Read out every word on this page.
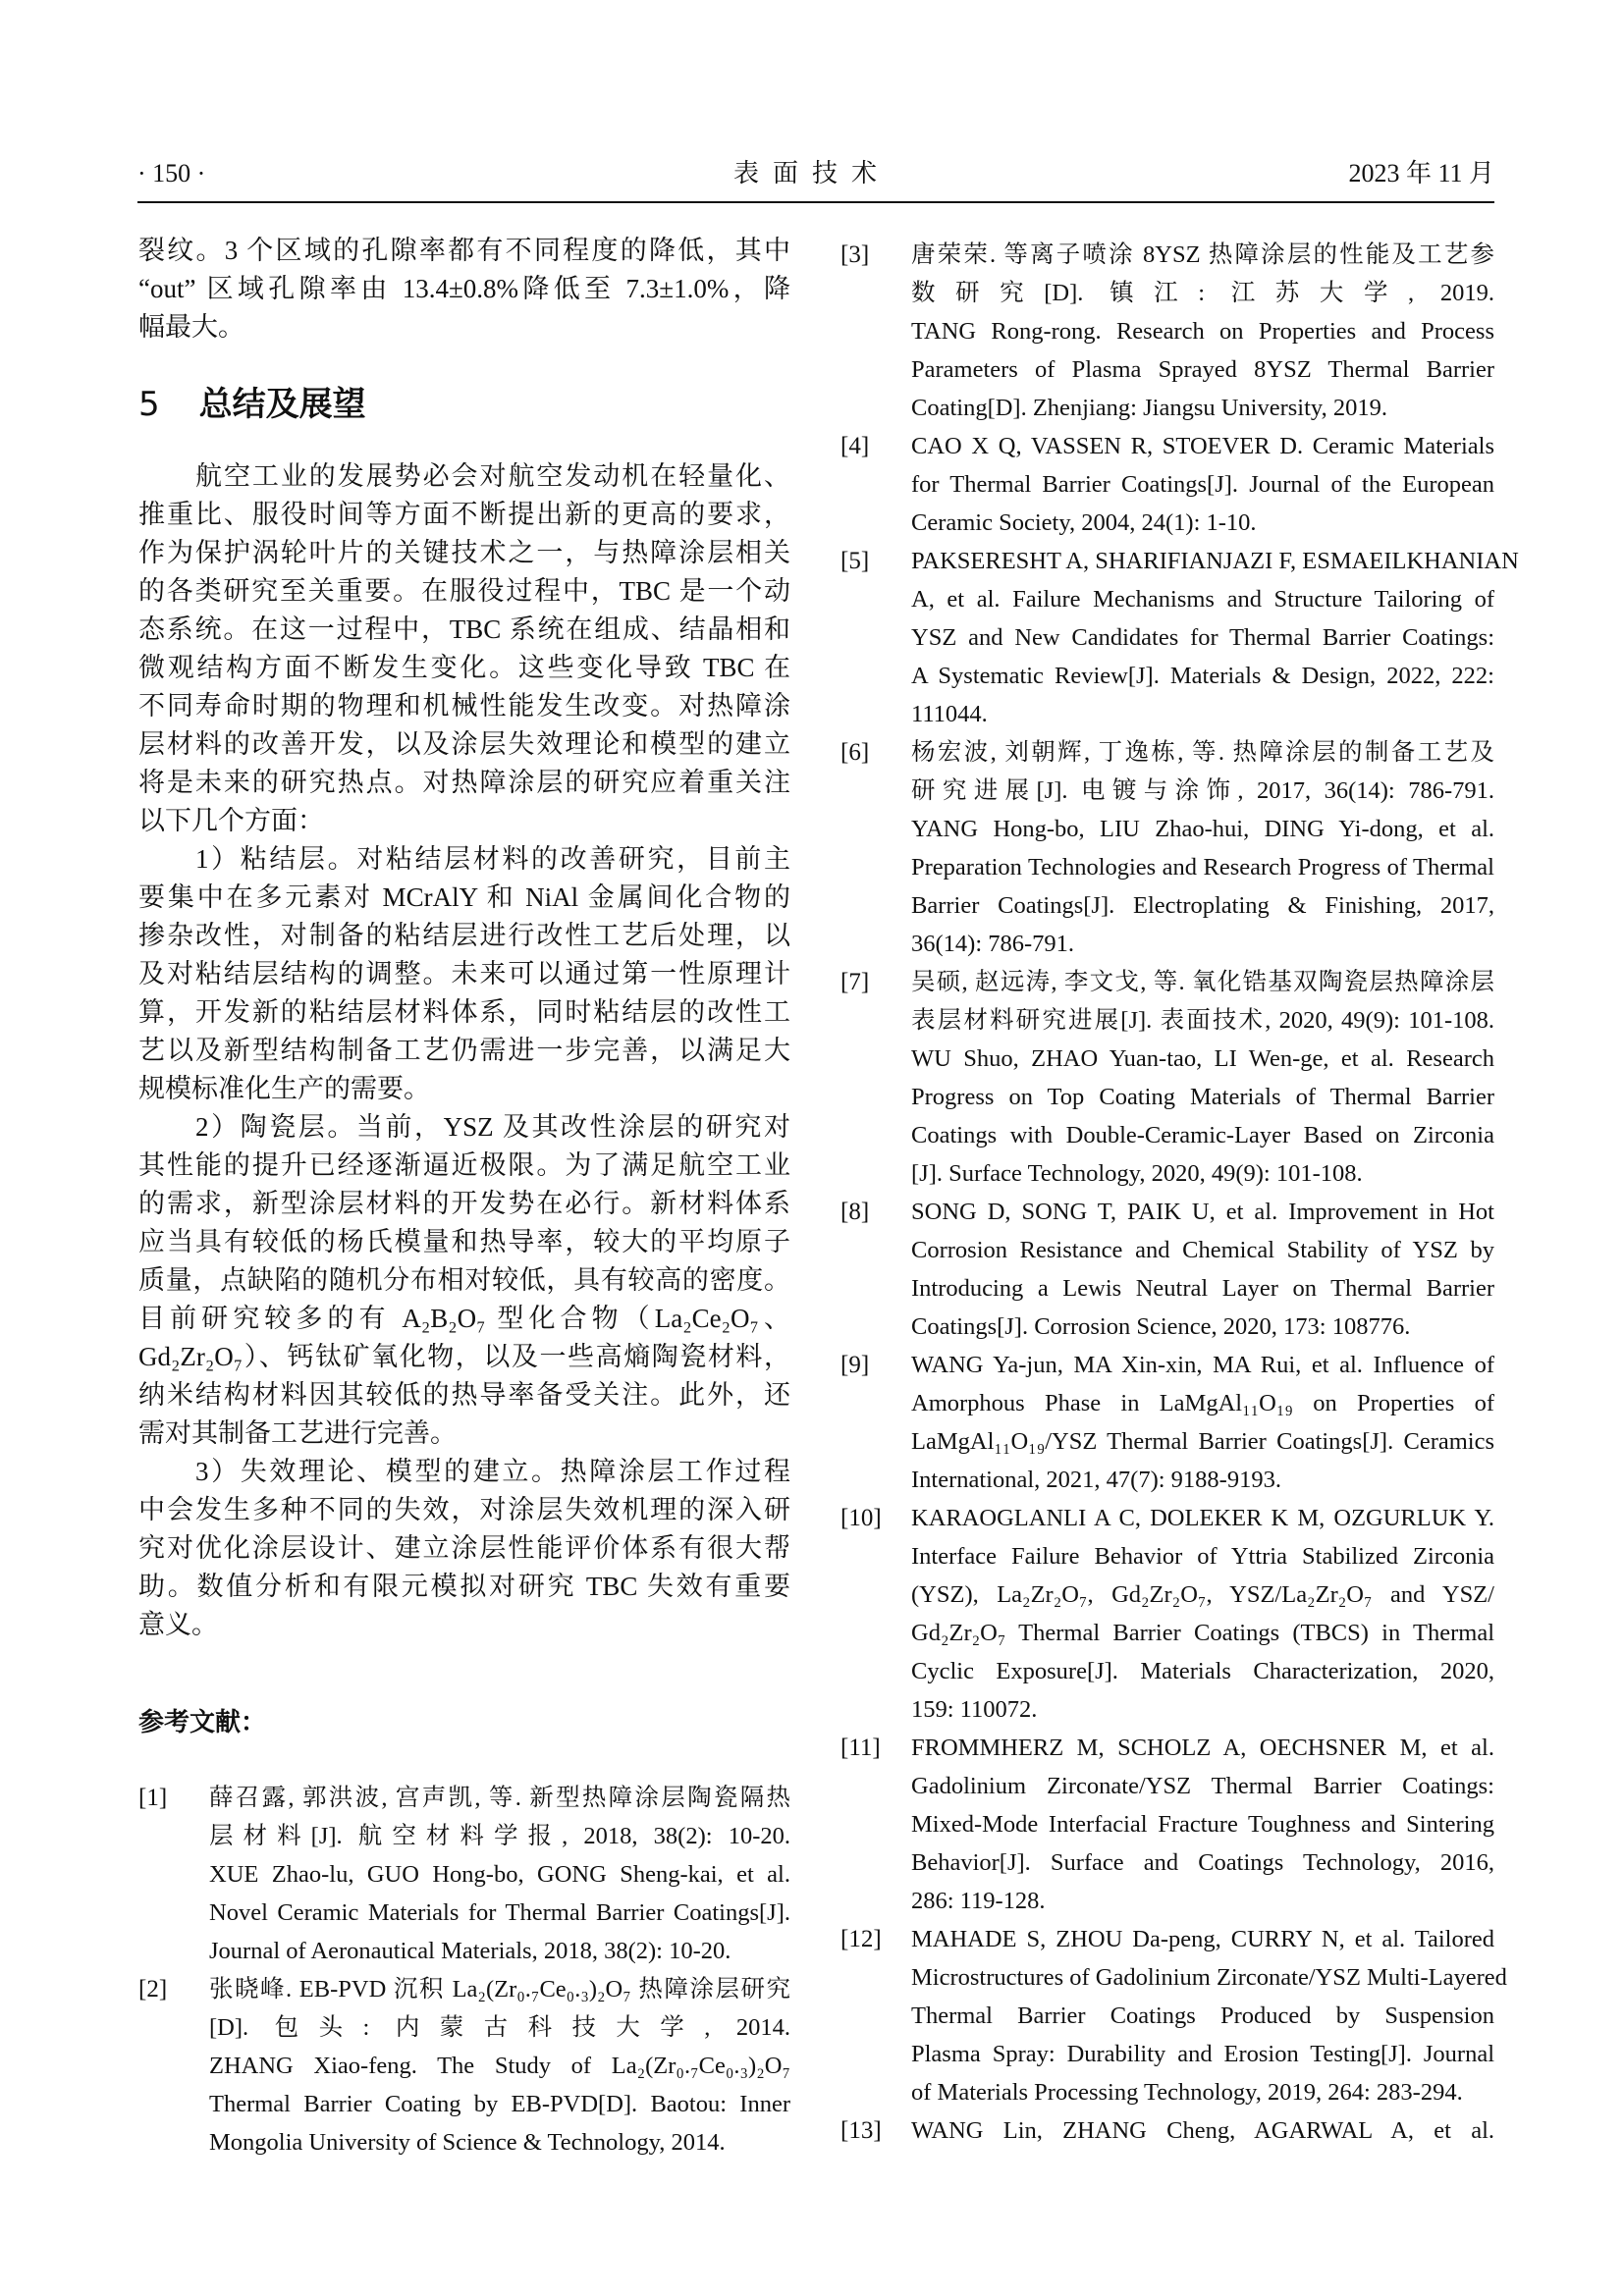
· 150 ·	表面技术	2023 年 11 月
裂纹。3 个区域的孔隙率都有不同程度的降低，其中
“out” 区域孔隙率由 13.4±0.8%降低至 7.3±1.0%，降
幅最大。
5 总结及展望
航空工业的发展势必会对航空发动机在轻量化、
推重比、服役时间等方面不断提出新的更高的要求，
作为保护涡轮叶片的关键技术之一，与热障涂层相关
的各类研究至关重要。在服役过程中，TBC 是一个动
态系统。在这一过程中，TBC 系统在组成、结晶相和
微观结构方面不断发生变化。这些变化导致 TBC 在
不同寿命时期的物理和机械性能发生改变。对热障涂
层材料的改善开发，以及涂层失效理论和模型的建立
将是未来的研究热点。对热障涂层的研究应着重关注
以下几个方面：
1）粘结层。对粘结层材料的改善研究，目前主
要集中在多元素对 MCrAlY 和 NiAl 金属间化合物的
掺杂改性，对制备的粘结层进行改性工艺后处理，以
及对粘结层结构的调整。未来可以通过第一性原理计
算，开发新的粘结层材料体系，同时粘结层的改性工
艺以及新型结构制备工艺仍需进一步完善，以满足大
规模标准化生产的需要。
2）陶瓷层。当前，YSZ 及其改性涂层的研究对
其性能的提升已经逐渐逼近极限。为了满足航空工业
的需求，新型涂层材料的开发势在必行。新材料体系
应当具有较低的杨氏模量和热导率，较大的平均原子
质量，点缺陷的随机分布相对较低，具有较高的密度。
目前研究较多的有 A₂B₂O₇ 型化合物（La₂Ce₂O₇、
Gd₂Zr₂O₇）、钙钛矿氧化物，以及一些高熵陶瓷材料，
纳米结构材料因其较低的热导率备受关注。此外，还
需对其制备工艺进行完善。
3）失效理论、模型的建立。热障涂层工作过程
中会发生多种不同的失效，对涂层失效机理的深入研
究对优化涂层设计、建立涂层性能评价体系有很大帮
助。数值分析和有限元模拟对研究 TBC 失效有重要
意义。
参考文献：
[1] 薛召露, 郭洪波, 宫声凯, 等. 新型热障涂层陶瓷隔热
层材料[J]. 航空材料学报, 2018, 38(2): 10-20.
XUE Zhao-lu, GUO Hong-bo, GONG Sheng-kai, et al.
Novel Ceramic Materials for Thermal Barrier Coatings[J].
Journal of Aeronautical Materials, 2018, 38(2): 10-20.
[2] 张晓峰. EB-PVD 沉积 La₂(Zr₀.₇Ce₀.₃)₂O₇ 热障涂层研究
[D]. 包头: 内蒙古科技大学, 2014.
ZHANG Xiao-feng. The Study of La₂(Zr₀.₇Ce₀.₃)₂O₇
Thermal Barrier Coating by EB-PVD[D]. Baotou: Inner
Mongolia University of Science & Technology, 2014.
[3] 唐荣荣. 等离子喷涂 8YSZ 热障涂层的性能及工艺参
数研究[D]. 镇江: 江苏大学, 2019.
TANG Rong-rong. Research on Properties and Process
Parameters of Plasma Sprayed 8YSZ Thermal Barrier
Coating[D]. Zhenjiang: Jiangsu University, 2019.
[4] CAO X Q, VASSEN R, STOEVER D. Ceramic Materials
for Thermal Barrier Coatings[J]. Journal of the European
Ceramic Society, 2004, 24(1): 1-10.
[5] PAKSERESHT A, SHARIFIANJAZI F, ESMAEILKHANIAN
A, et al. Failure Mechanisms and Structure Tailoring of
YSZ and New Candidates for Thermal Barrier Coatings:
A Systematic Review[J]. Materials & Design, 2022, 222:
111044.
[6] 杨宏波, 刘朝辉, 丁逸栋, 等. 热障涂层的制备工艺及
研究进展[J]. 电镀与涂饰, 2017, 36(14): 786-791.
YANG Hong-bo, LIU Zhao-hui, DING Yi-dong, et al.
Preparation Technologies and Research Progress of Thermal
Barrier Coatings[J]. Electroplating & Finishing, 2017,
36(14): 786-791.
[7] 吴硕, 赵远涛, 李文戈, 等. 氧化锆基双陶瓷层热障涂层
表层材料研究进展[J]. 表面技术, 2020, 49(9): 101-108.
WU Shuo, ZHAO Yuan-tao, LI Wen-ge, et al. Research
Progress on Top Coating Materials of Thermal Barrier
Coatings with Double-Ceramic-Layer Based on Zirconia
[J]. Surface Technology, 2020, 49(9): 101-108.
[8] SONG D, SONG T, PAIK U, et al. Improvement in Hot
Corrosion Resistance and Chemical Stability of YSZ by
Introducing a Lewis Neutral Layer on Thermal Barrier
Coatings[J]. Corrosion Science, 2020, 173: 108776.
[9] WANG Ya-jun, MA Xin-xin, MA Rui, et al. Influence of
Amorphous Phase in LaMgAl₁₁O₁₉ on Properties of
LaMgAl₁₁O₁₉/YSZ Thermal Barrier Coatings[J]. Ceramics
International, 2021, 47(7): 9188-9193.
[10] KARAOGLANLI A C, DOLEKER K M, OZGURLUK Y.
Interface Failure Behavior of Yttria Stabilized Zirconia
(YSZ), La₂Zr₂O₇, Gd₂Zr₂O₇, YSZ/La₂Zr₂O₇ and YSZ/
Gd₂Zr₂O₇ Thermal Barrier Coatings (TBCS) in Thermal
Cyclic Exposure[J]. Materials Characterization, 2020,
159: 110072.
[11] FROMMHERZ M, SCHOLZ A, OECHSNER M, et al.
Gadolinium Zirconate/YSZ Thermal Barrier Coatings:
Mixed-Mode Interfacial Fracture Toughness and Sintering
Behavior[J]. Surface and Coatings Technology, 2016,
286: 119-128.
[12] MAHADE S, ZHOU Da-peng, CURRY N, et al. Tailored
Microstructures of Gadolinium Zirconate/YSZ Multi-Layered
Thermal Barrier Coatings Produced by Suspension
Plasma Spray: Durability and Erosion Testing[J]. Journal
of Materials Processing Technology, 2019, 264: 283-294.
[13] WANG Lin, ZHANG Cheng, AGARWAL A, et al.
